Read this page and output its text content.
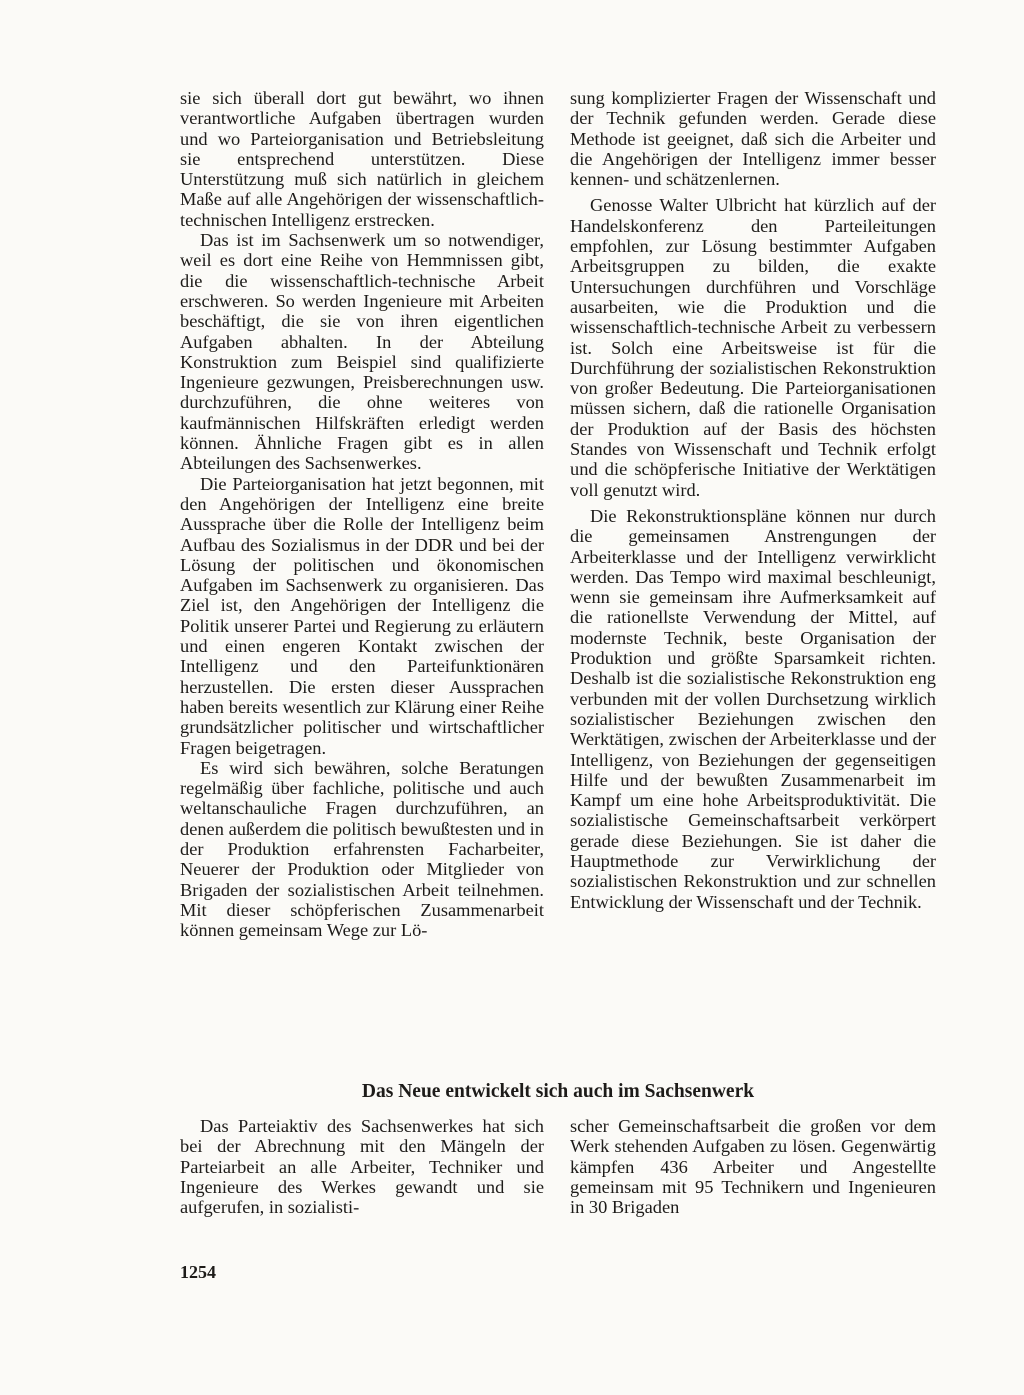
sie sich überall dort gut bewährt, wo ihnen verantwortliche Aufgaben übertragen wurden und wo Parteiorganisation und Betriebsleitung sie entsprechend unterstützen. Diese Unterstützung muß sich natürlich in gleichem Maße auf alle Angehörigen der wissenschaftlich-technischen Intelligenz erstrecken.

Das ist im Sachsenwerk um so notwendiger, weil es dort eine Reihe von Hemmnissen gibt, die die wissenschaftlich-technische Arbeit erschweren. So werden Ingenieure mit Arbeiten beschäftigt, die sie von ihren eigentlichen Aufgaben abhalten. In der Abteilung Konstruktion zum Beispiel sind qualifizierte Ingenieure gezwungen, Preisberechnungen usw. durchzuführen, die ohne weiteres von kaufmännischen Hilfskräften erledigt werden können. Ähnliche Fragen gibt es in allen Abteilungen des Sachsenwerkes.

Die Parteiorganisation hat jetzt begonnen, mit den Angehörigen der Intelligenz eine breite Aussprache über die Rolle der Intelligenz beim Aufbau des Sozialismus in der DDR und bei der Lösung der politischen und ökonomischen Aufgaben im Sachsenwerk zu organisieren. Das Ziel ist, den Angehörigen der Intelligenz die Politik unserer Partei und Regierung zu erläutern und einen engeren Kontakt zwischen der Intelligenz und den Parteifunktionären herzustellen. Die ersten dieser Aussprachen haben bereits wesentlich zur Klärung einer Reihe grundsätzlicher politischer und wirtschaftlicher Fragen beigetragen.

Es wird sich bewähren, solche Beratungen regelmäßig über fachliche, politische und auch weltanschauliche Fragen durchzuführen, an denen außerdem die politisch bewußtesten und in der Produktion erfahrensten Facharbeiter, Neuerer der Produktion oder Mitglieder von Brigaden der sozialistischen Arbeit teilnehmen. Mit dieser schöpferischen Zusammenarbeit können gemeinsam Wege zur Lö-

sung komplizierter Fragen der Wissenschaft und der Technik gefunden werden. Gerade diese Methode ist geeignet, daß sich die Arbeiter und die Angehörigen der Intelligenz immer besser kennen- und schätzenlernen.

Genosse Walter Ulbricht hat kürzlich auf der Handelskonferenz den Parteileitungen empfohlen, zur Lösung bestimmter Aufgaben Arbeitsgruppen zu bilden, die exakte Untersuchungen durchführen und Vorschläge ausarbeiten, wie die Produktion und die wissenschaftlich-technische Arbeit zu verbessern ist. Solch eine Arbeitsweise ist für die Durchführung der sozialistischen Rekonstruktion von großer Bedeutung. Die Parteiorganisationen müssen sichern, daß die rationelle Organisation der Produktion auf der Basis des höchsten Standes von Wissenschaft und Technik erfolgt und die schöpferische Initiative der Werktätigen voll genutzt wird.

Die Rekonstruktionspläne können nur durch die gemeinsamen Anstrengungen der Arbeiterklasse und der Intelligenz verwirklicht werden. Das Tempo wird maximal beschleunigt, wenn sie gemeinsam ihre Aufmerksamkeit auf die rationellste Verwendung der Mittel, auf modernste Technik, beste Organisation der Produktion und größte Sparsamkeit richten. Deshalb ist die sozialistische Rekonstruktion eng verbunden mit der vollen Durchsetzung wirklich sozialistischer Beziehungen zwischen den Werktätigen, zwischen der Arbeiterklasse und der Intelligenz, von Beziehungen der gegenseitigen Hilfe und der bewußten Zusammenarbeit im Kampf um eine hohe Arbeitsproduktivität. Die sozialistische Gemeinschaftsarbeit verkörpert gerade diese Beziehungen. Sie ist daher die Hauptmethode zur Verwirklichung der sozialistischen Rekonstruktion und zur schnellen Entwicklung der Wissenschaft und der Technik.

Das Neue entwickelt sich auch im Sachsenwerk

Das Parteiaktiv des Sachsenwerkes hat sich bei der Abrechnung mit den Mängeln der Parteiarbeit an alle Arbeiter, Techniker und Ingenieure des Werkes gewandt und sie aufgerufen, in sozialisti-

scher Gemeinschaftsarbeit die großen vor dem Werk stehenden Aufgaben zu lösen. Gegenwärtig kämpfen 436 Arbeiter und Angestellte gemeinsam mit 95 Technikern und Ingenieuren in 30 Brigaden

1254
